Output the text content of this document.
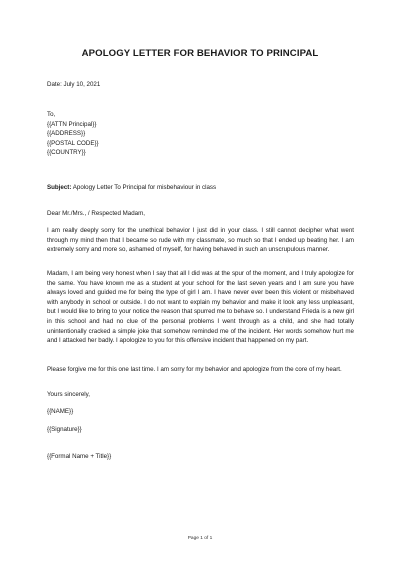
APOLOGY LETTER FOR BEHAVIOR TO PRINCIPAL

Date: July 10, 2021

To,
{{ATTN Principal}}
{{ADDRESS}}
{{POSTAL CODE}}
{{COUNTRY}}

Subject: Apology Letter To Principal for misbehaviour in class

Dear Mr./Mrs., / Respected Madam,

I am really deeply sorry for the unethical behavior I just did in your class. I still cannot decipher what went through my mind then that I became so rude with my classmate, so much so that I ended up beating her. I am extremely sorry and more so, ashamed of myself, for having behaved in such an unscrupulous manner.

Madam, I am being very honest when I say that all I did was at the spur of the moment, and I truly apologize for the same. You have known me as a student at your school for the last seven years and I am sure you have always loved and guided me for being the type of girl I am. I have never ever been this violent or misbehaved with anybody in school or outside. I do not want to explain my behavior and make it look any less unpleasant, but I would like to bring to your notice the reason that spurred me to behave so. I understand Frieda is a new girl in this school and had no clue of the personal problems I went through as a child, and she had totally unintentionally cracked a simple joke that somehow reminded me of the incident. Her words somehow hurt me and I attacked her badly. I apologize to you for this offensive incident that happened on my part.

Please forgive me for this one last time. I am sorry for my behavior and apologize from the core of my heart.

Yours sincerely,

{{NAME}}

{{Signature}}

{{Formal Name + Title}}

Page 1 of 1
